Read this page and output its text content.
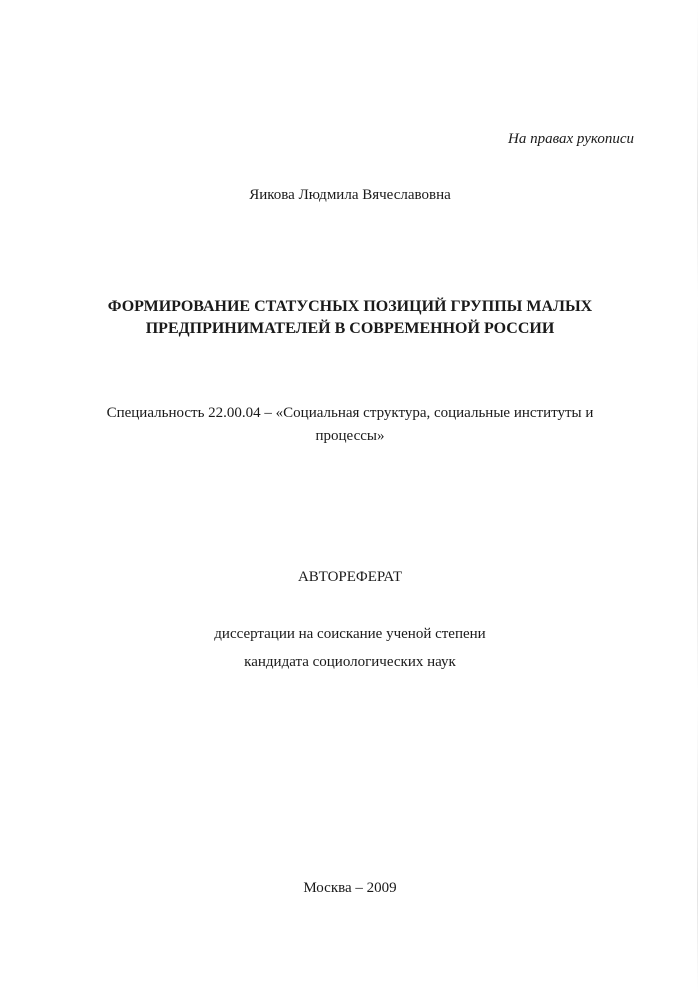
На правах рукописи
Яикова Людмила Вячеславовна
ФОРМИРОВАНИЕ СТАТУСНЫХ ПОЗИЦИЙ ГРУППЫ МАЛЫХ
ПРЕДПРИНИМАТЕЛЕЙ В СОВРЕМЕННОЙ РОССИИ
Специальность 22.00.04 – «Социальная структура, социальные институты и
процессы»
АВТОРЕФЕРАТ
диссертации на соискание ученой степени
кандидата социологических наук
Москва – 2009
